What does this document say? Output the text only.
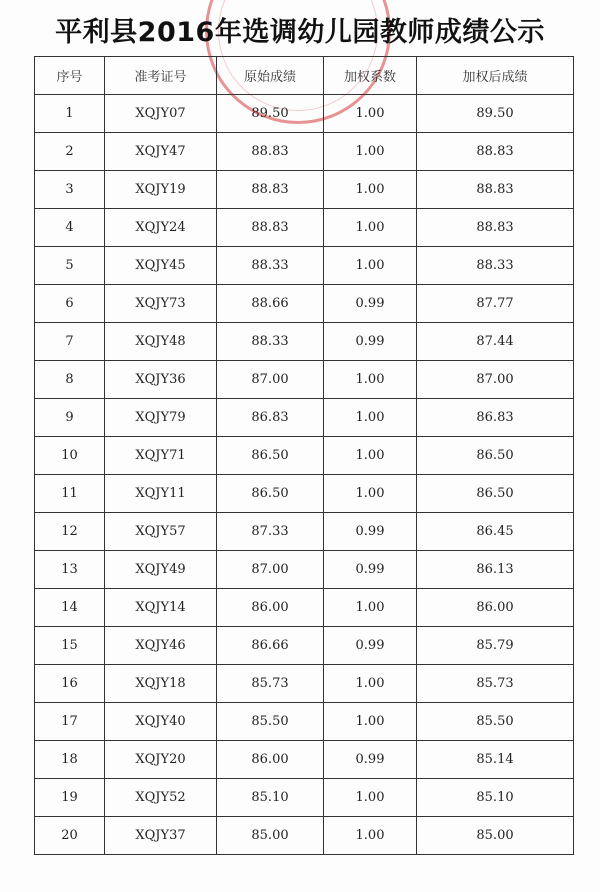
平利县2016年选调幼儿园教师成绩公示
序号	准考证号	原始成绩	加权系数	加权后成绩
1	XQJY07	89.50	1.00	89.50
2	XQJY47	88.83	1.00	88.83
3	XQJY19	88.83	1.00	88.83
4	XQJY24	88.83	1.00	88.83
5	XQJY45	88.33	1.00	88.33
6	XQJY73	88.66	0.99	87.77
7	XQJY48	88.33	0.99	87.44
8	XQJY36	87.00	1.00	87.00
9	XQJY79	86.83	1.00	86.83
10	XQJY71	86.50	1.00	86.50
11	XQJY11	86.50	1.00	86.50
12	XQJY57	87.33	0.99	86.45
13	XQJY49	87.00	0.99	86.13
14	XQJY14	86.00	1.00	86.00
15	XQJY46	86.66	0.99	85.79
16	XQJY18	85.73	1.00	85.73
17	XQJY40	85.50	1.00	85.50
18	XQJY20	86.00	0.99	85.14
19	XQJY52	85.10	1.00	85.10
20	XQJY37	85.00	1.00	85.00
